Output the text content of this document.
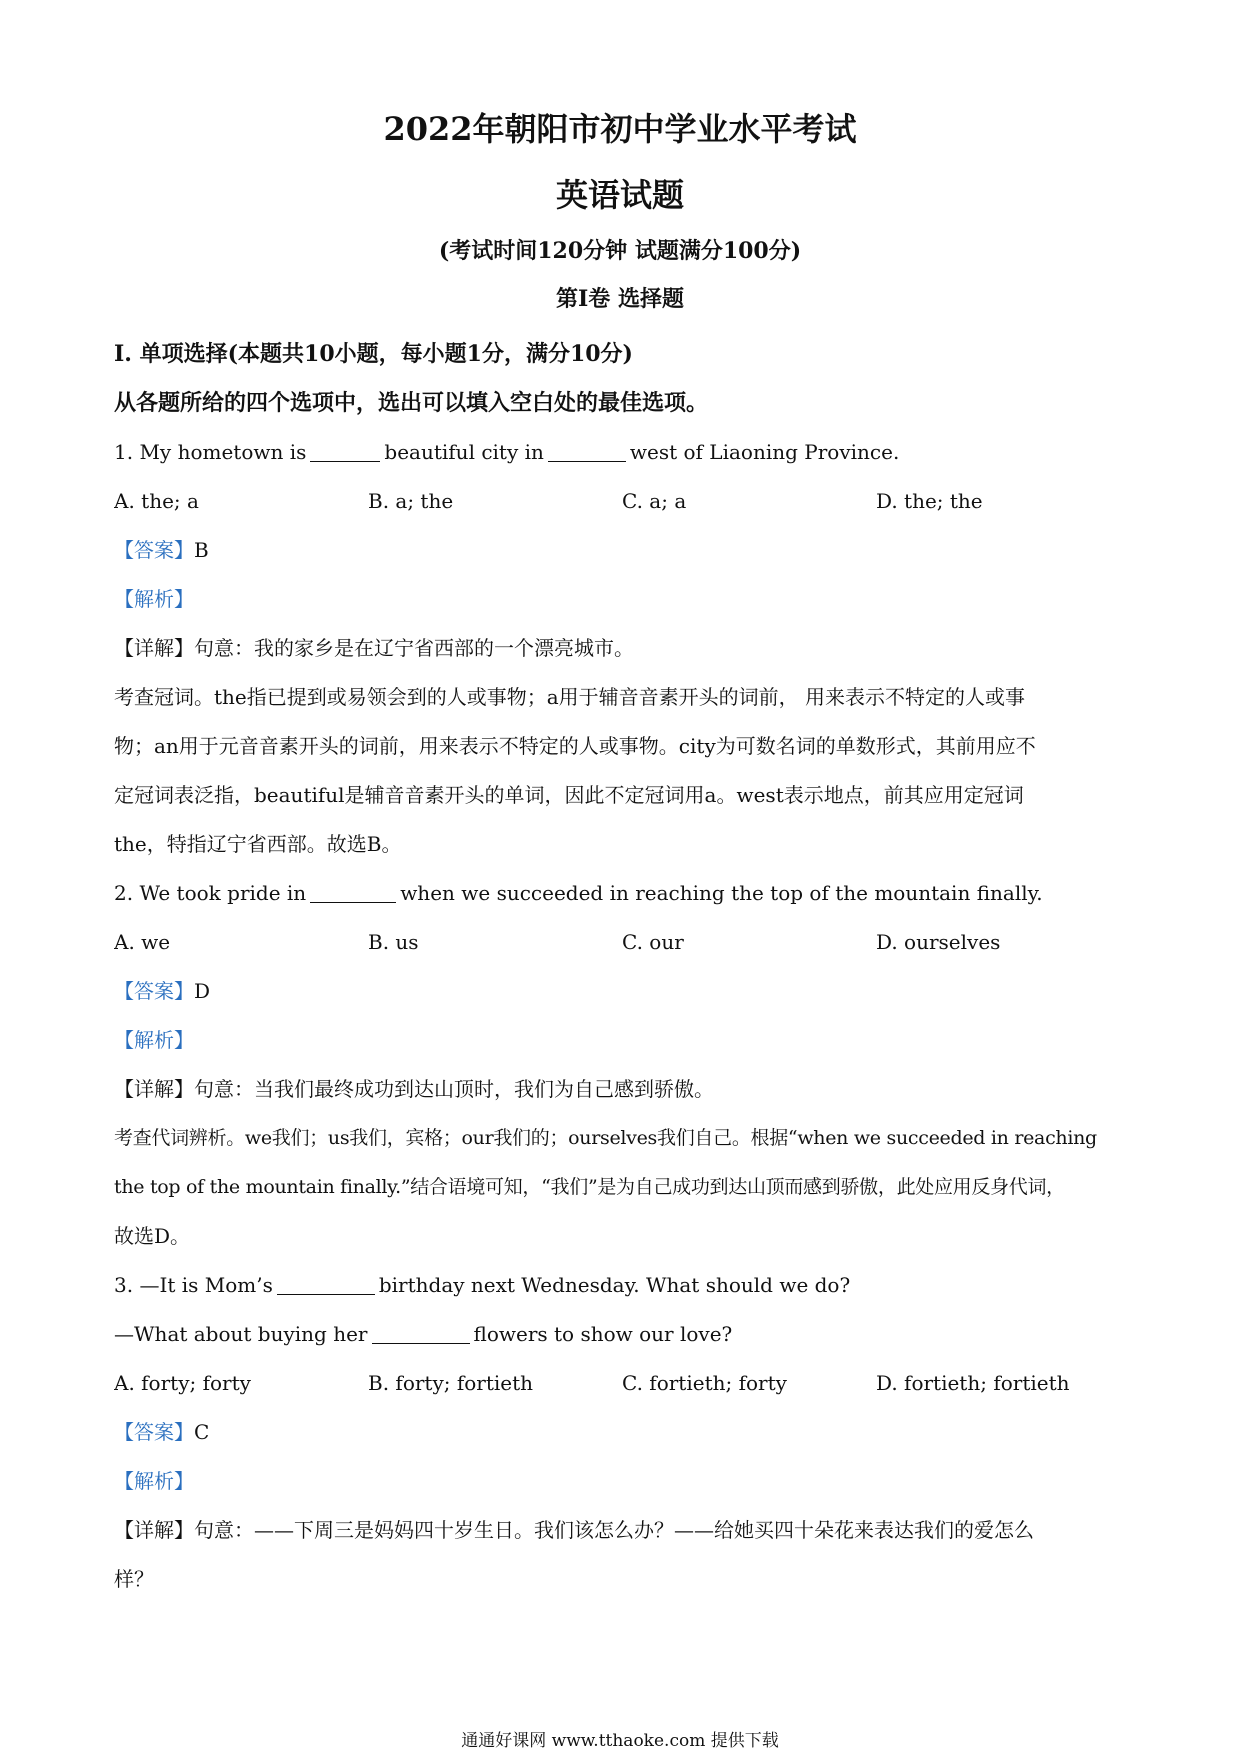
2022年朝阳市初中学业水平考试
英语试题
(考试时间120分钟 试题满分100分)
第I卷 选择题
I. 单项选择(本题共10小题，每小题1分，满分10分)
从各题所给的四个选项中，选出可以填入空白处的最佳选项。
1. My hometown is	beautiful city in	west of Liaoning Province.
A. the; a	B. a; the	C. a; a	D. the; the
【答案】B
【解析】
【详解】句意：我的家乡是在辽宁省西部的一个漂亮城市。
考查冠词。the指已提到或易领会到的人或事物；a用于辅音音素开头的词前， 用来表示不特定的人或事
物；an用于元音音素开头的词前，用来表示不特定的人或事物。city为可数名词的单数形式，其前用应不
定冠词表泛指，beautiful是辅音音素开头的单词，因此不定冠词用a。west表示地点，前其应用定冠词
the，特指辽宁省西部。故选B。
2. We took pride in	when we succeeded in reaching the top of the mountain finally.
A. we	B. us	C. our	D. ourselves
【答案】D
【解析】
【详解】句意：当我们最终成功到达山顶时，我们为自己感到骄傲。
考查代词辨析。we我们；us我们，宾格；our我们的；ourselves我们自己。根据“when we succeeded in reaching
the top of the mountain finally.”结合语境可知，“我们”是为自己成功到达山顶而感到骄傲，此处应用反身代词，
故选D。
3. —It is Mom’s	birthday next Wednesday. What should we do?
—What about buying her	flowers to show our love?
A. forty; forty	B. forty; fortieth	C. fortieth; forty	D. fortieth; fortieth
【答案】C
【解析】
【详解】句意：——下周三是妈妈四十岁生日。我们该怎么办？——给她买四十朵花来表达我们的爱怎么
样？
通通好课网 www.tthaoke.com 提供下载
